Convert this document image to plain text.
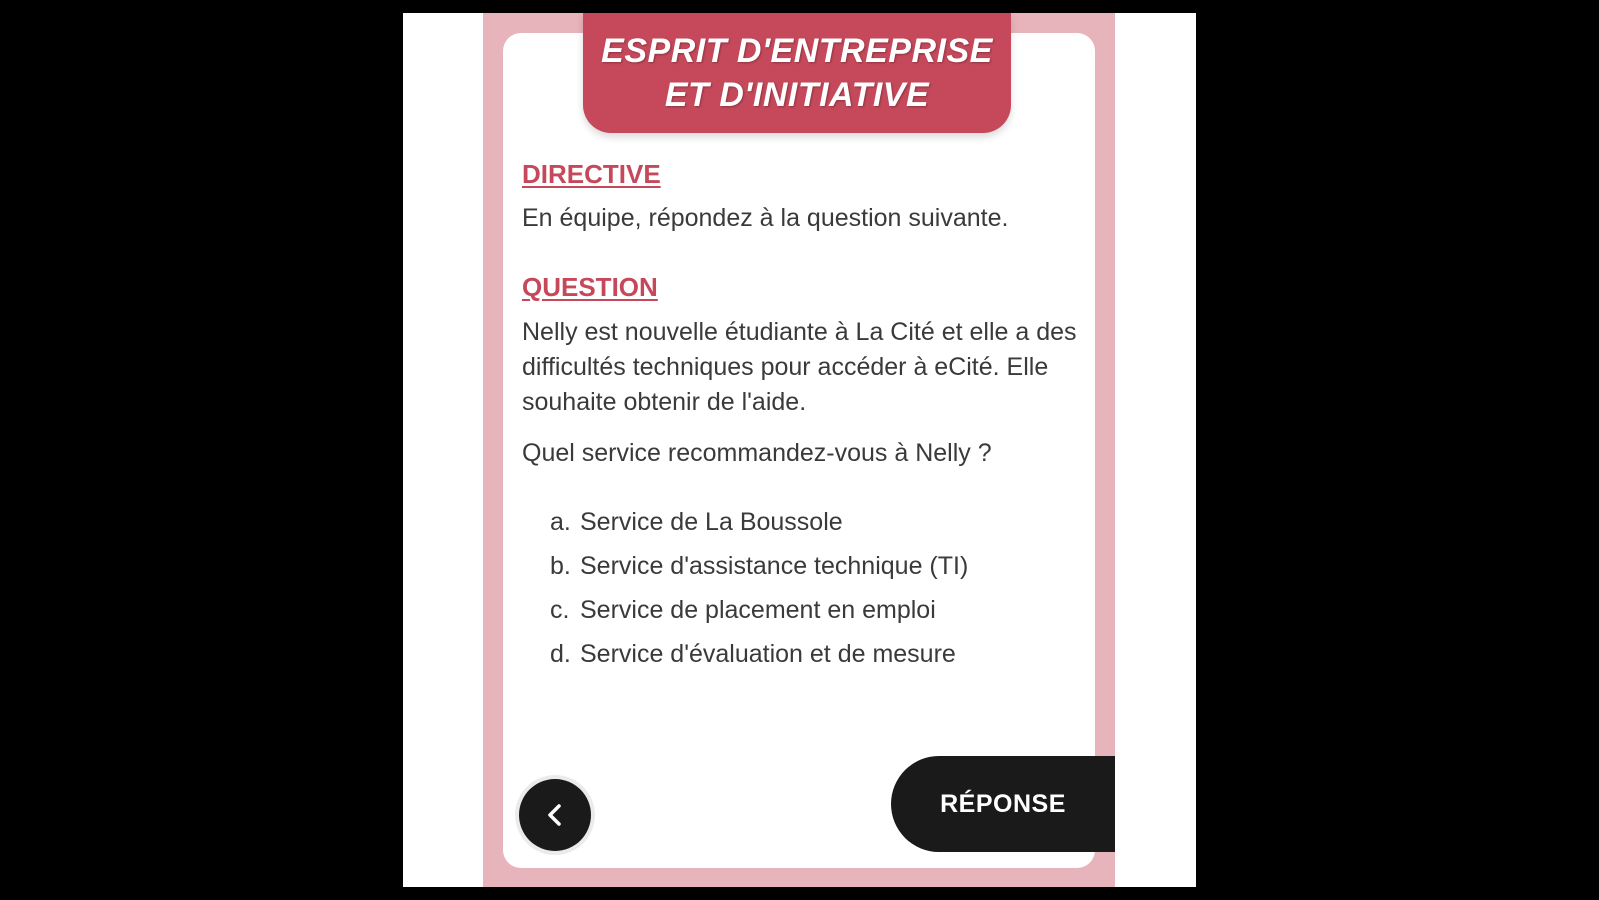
ESPRIT D'ENTREPRISE
ET D'INITIATIVE
DIRECTIVE
En équipe, répondez à la question suivante.
QUESTION
Nelly est nouvelle étudiante à La Cité et elle a des difficultés techniques pour accéder à eCité. Elle souhaite obtenir de l'aide.
Quel service recommandez-vous à Nelly ?
a. Service de La Boussole
b. Service d'assistance technique (TI)
c. Service de placement en emploi
d. Service d'évaluation et de mesure
RÉPONSE
